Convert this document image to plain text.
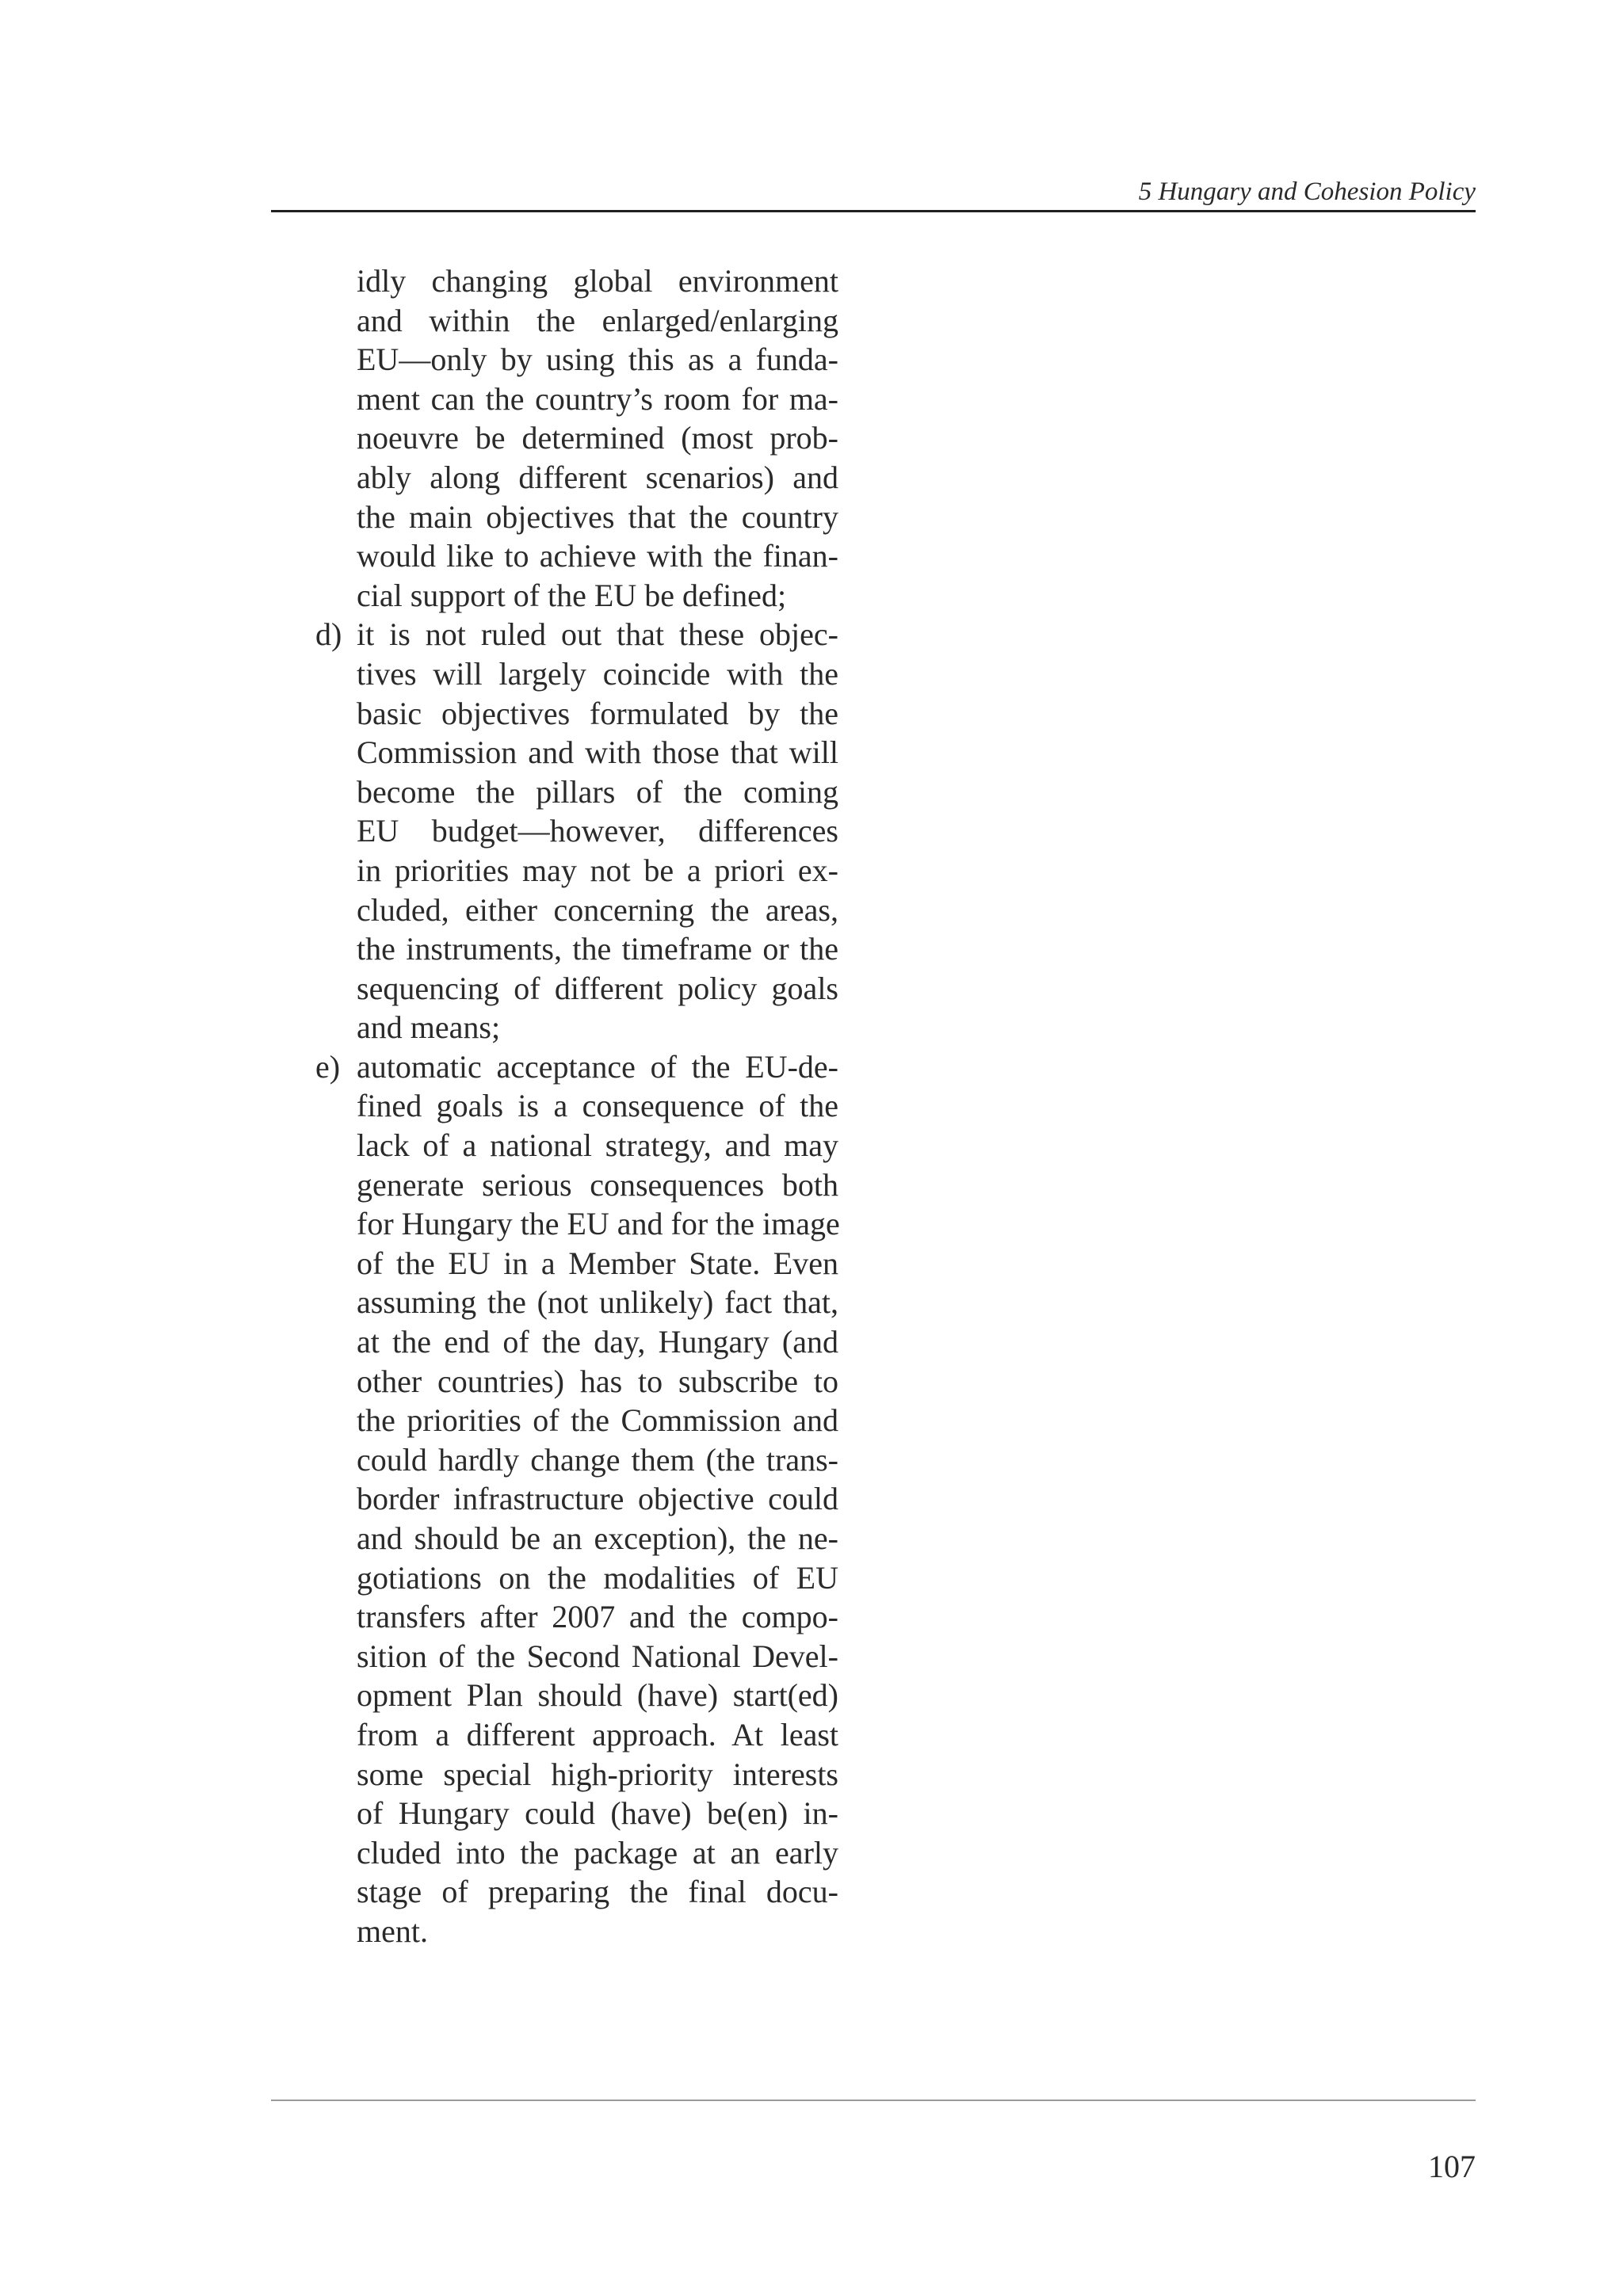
5 Hungary and Cohesion Policy
idly changing global environment
and within the enlarged/enlarging
EU—only by using this as a funda-
ment can the country’s room for ma-
noeuvre be determined (most prob-
ably along different scenarios) and
the main objectives that the country
would like to achieve with the finan-
cial support of the EU be defined;
d) it is not ruled out that these objec-
tives will largely coincide with the
basic objectives formulated by the
Commission and with those that will
become the pillars of the coming
EU budget—however, differences
in priorities may not be a priori ex-
cluded, either concerning the areas,
the instruments, the timeframe or the
sequencing of different policy goals
and means;
e) automatic acceptance of the EU-de-
fined goals is a consequence of the
lack of a national strategy, and may
generate serious consequences both
for Hungary the EU and for the image
of the EU in a Member State. Even
assuming the (not unlikely) fact that,
at the end of the day, Hungary (and
other countries) has to subscribe to
the priorities of the Commission and
could hardly change them (the trans-
border infrastructure objective could
and should be an exception), the ne-
gotiations on the modalities of EU
transfers after 2007 and the compo-
sition of the Second National Devel-
opment Plan should (have) start(ed)
from a different approach. At least
some special high-priority interests
of Hungary could (have) be(en) in-
cluded into the package at an early
stage of preparing the final docu-
ment.
107
